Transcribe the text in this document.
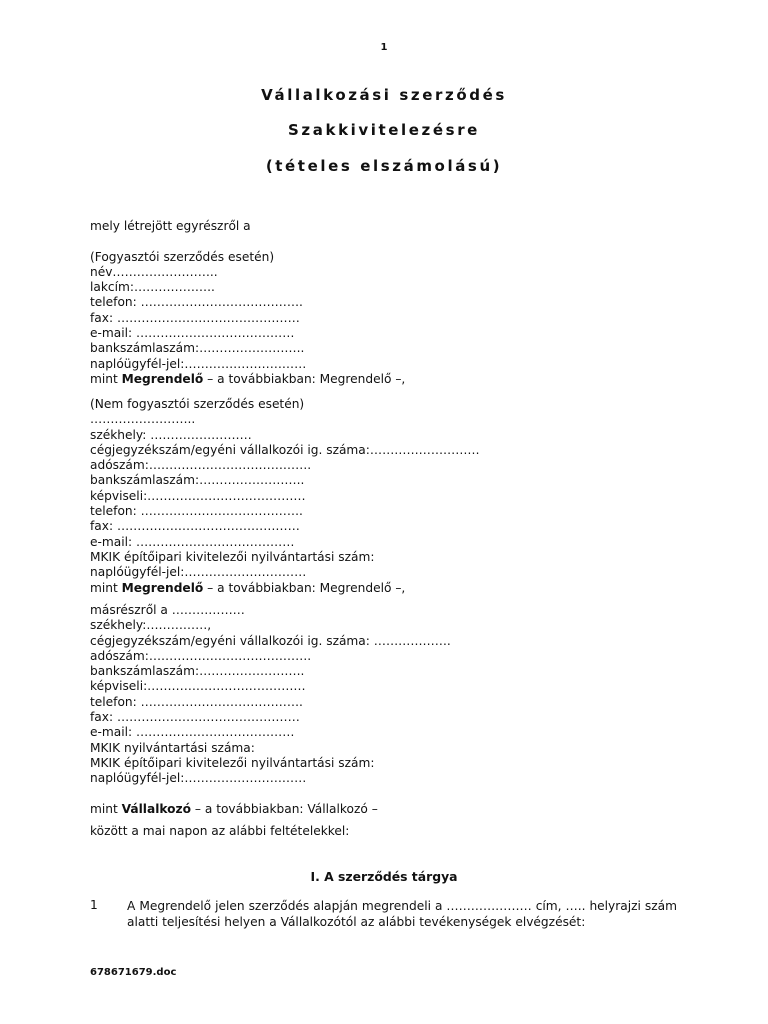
1
Vállalkozási szerződés
Szakkivitelezésre
(tételes elszámolású)
mely létrejött egyrészről a
(Fogyasztói szerződés esetén)
név……………………..
lakcím:………………..
telefon: ………………………………….
fax: ………………………………………
e-mail: …………………………………
bankszámlaszám:……………………..
naplóügyfél-jel:…………………………
mint Megrendelő – a továbbiakban: Megrendelő –,
(Nem fogyasztói szerződés esetén)
……………………..
székhely: …………………….
cégjegyzékszám/egyéni vállalkozói ig. száma:………………………
adószám:………………………………….
bankszámlaszám:……………………..
képviseli:…………………………………
telefon: ………………………………….
fax: ………………………………………
e-mail: …………………………………
MKIK építőipari kivitelezői nyilvántartási szám:
naplóügyfél-jel:…………………………
mint Megrendelő – a továbbiakban: Megrendelő –,
másrészről a ………………
székhely:……………,
cégjegyzékszám/egyéni vállalkozói ig. száma: ……………….
adószám:………………………………….
bankszámlaszám:……………………..
képviseli:…………………………………
telefon: ………………………………….
fax: ………………………………………
e-mail: …………………………………
MKIK nyilvántartási száma:
MKIK építőipari kivitelezői nyilvántartási szám:
naplóügyfél-jel:…………………………
mint Vállalkozó – a továbbiakban: Vállalkozó –
között a mai napon az alábbi feltételekkel:
I. A szerződés tárgya
1 A Megrendelő jelen szerződés alapján megrendeli a ………………… cím, ….. helyrajzi szám alatti teljesítési helyen a Vállalkozótól az alábbi tevékenységek elvégzését:
678671679.doc
